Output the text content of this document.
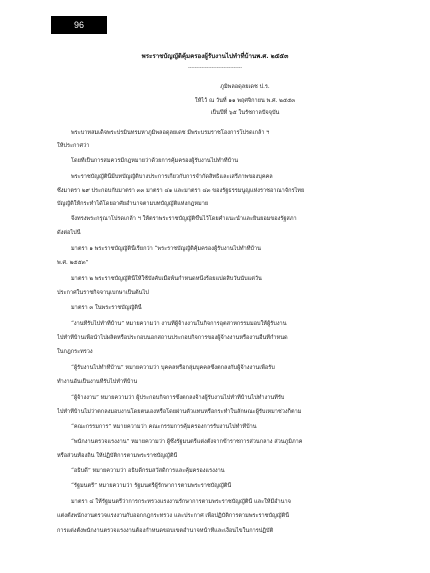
96
พระราชบัญญัติคุ้มครองผู้รับงานไปทำที่บ้านพ.ศ. ๒๕๕๓
--------------------------------
ภูมิพลอดุลยเดช ป.ร.
ให้ไว้ ณ วันที่ ๑๑ พฤศจิกายน พ.ศ. ๒๕๕๓
เป็นปีที่ ๖๕ ในรัชกาลปัจจุบัน
พระบาทสมเด็จพระปรมินทรมหาภูมิพลอดุลยเดช มีพระบรมราชโองการโปรดเกล้า ฯ
ให้ประกาศว่า
โดยที่เป็นการสมควรมีกฎหมายว่าด้วยการคุ้มครองผู้รับงานไปทำที่บ้าน
พระราชบัญญัตินี้มีบทบัญญัติบางประการเกี่ยวกับการจำกัดสิทธิและเสรีภาพของบุคคล
ซึ่งมาตรา ๒๙ ประกอบกับมาตรา ๓๓ มาตรา ๔๑ และมาตรา ๔๓ ของรัฐธรรมนูญแห่งราชอาณาจักรไทย
บัญญัติให้กระทำได้โดยอาศัยอำนาจตามบทบัญญัติแห่งกฎหมาย
จึงทรงพระกรุณาโปรดเกล้า ฯ ให้ตราพระราชบัญญัติขึ้นไว้โดยคำแนะนำและยินยอมของรัฐสภา
ดังต่อไปนี้
มาตรา ๑ พระราชบัญญัตินี้เรียกว่า “พระราชบัญญัติคุ้มครองผู้รับงานไปทำที่บ้าน
พ.ศ. ๒๕๕๓”
มาตรา ๒ พระราชบัญญัตินี้ให้ใช้บังคับเมื่อพ้นกำหนดหนึ่งร้อยแปดสิบวันนับแต่วัน
ประกาศในราชกิจจานุเบกษาเป็นต้นไป
มาตรา ๓ ในพระราชบัญญัตินี้
“งานที่รับไปทำที่บ้าน” หมายความว่า งานที่ผู้จ้างงานในกิจการอุตสาหกรรมมอบให้ผู้รับงาน
ไปทำที่บ้านเพื่อนำไปผลิตหรือประกอบนอกสถานประกอบกิจการของผู้จ้างงานหรืองานอื่นที่กำหนด
ในกฎกระทรวง
“ผู้รับงานไปทำที่บ้าน” หมายความว่า บุคคลหรือกลุ่มบุคคลซึ่งตกลงกับผู้จ้างงานเพื่อรับ
ทำงานอันเป็นงานที่รับไปทำที่บ้าน
“ผู้จ้างงาน” หมายความว่า ผู้ประกอบกิจการซึ่งตกลงจ้างผู้รับงานไปทำที่บ้านไปทำงานที่รับ
ไปทำที่บ้านไม่ว่าตกลงมอบงานโดยตนเองหรือโดยผ่านตัวแทนหรือกระทำในลักษณะผู้รับเหมาช่วงก็ตาม
“คณะกรรมการ” หมายความว่า คณะกรรมการคุ้มครองการรับงานไปทำที่บ้าน
“พนักงานตรวจแรงงาน” หมายความว่า ผู้ซึ่งรัฐมนตรีแต่งตั้งจากข้าราชการส่วนกลาง ส่วนภูมิภาค
หรือส่วนท้องถิ่น ให้ปฏิบัติการตามพระราชบัญญัตินี้
“อธิบดี” หมายความว่า อธิบดีกรมสวัสดิการและคุ้มครองแรงงาน
“รัฐมนตรี” หมายความว่า รัฐมนตรีผู้รักษาการตามพระราชบัญญัตินี้
มาตรา ๔ ให้รัฐมนตรีว่าการกระทรวงแรงงานรักษาการตามพระราชบัญญัตินี้ และให้มีอำนาจ
แต่งตั้งพนักงานตรวจแรงงานกับออกกฎกระทรวง และประกาศ เพื่อปฏิบัติการตามพระราชบัญญัตินี้
การแต่งตั้งพนักงานตรวจแรงงานต้องกำหนดขอบเขตอำนาจหน้าที่และเงื่อนไขในการปฏิบัติ
